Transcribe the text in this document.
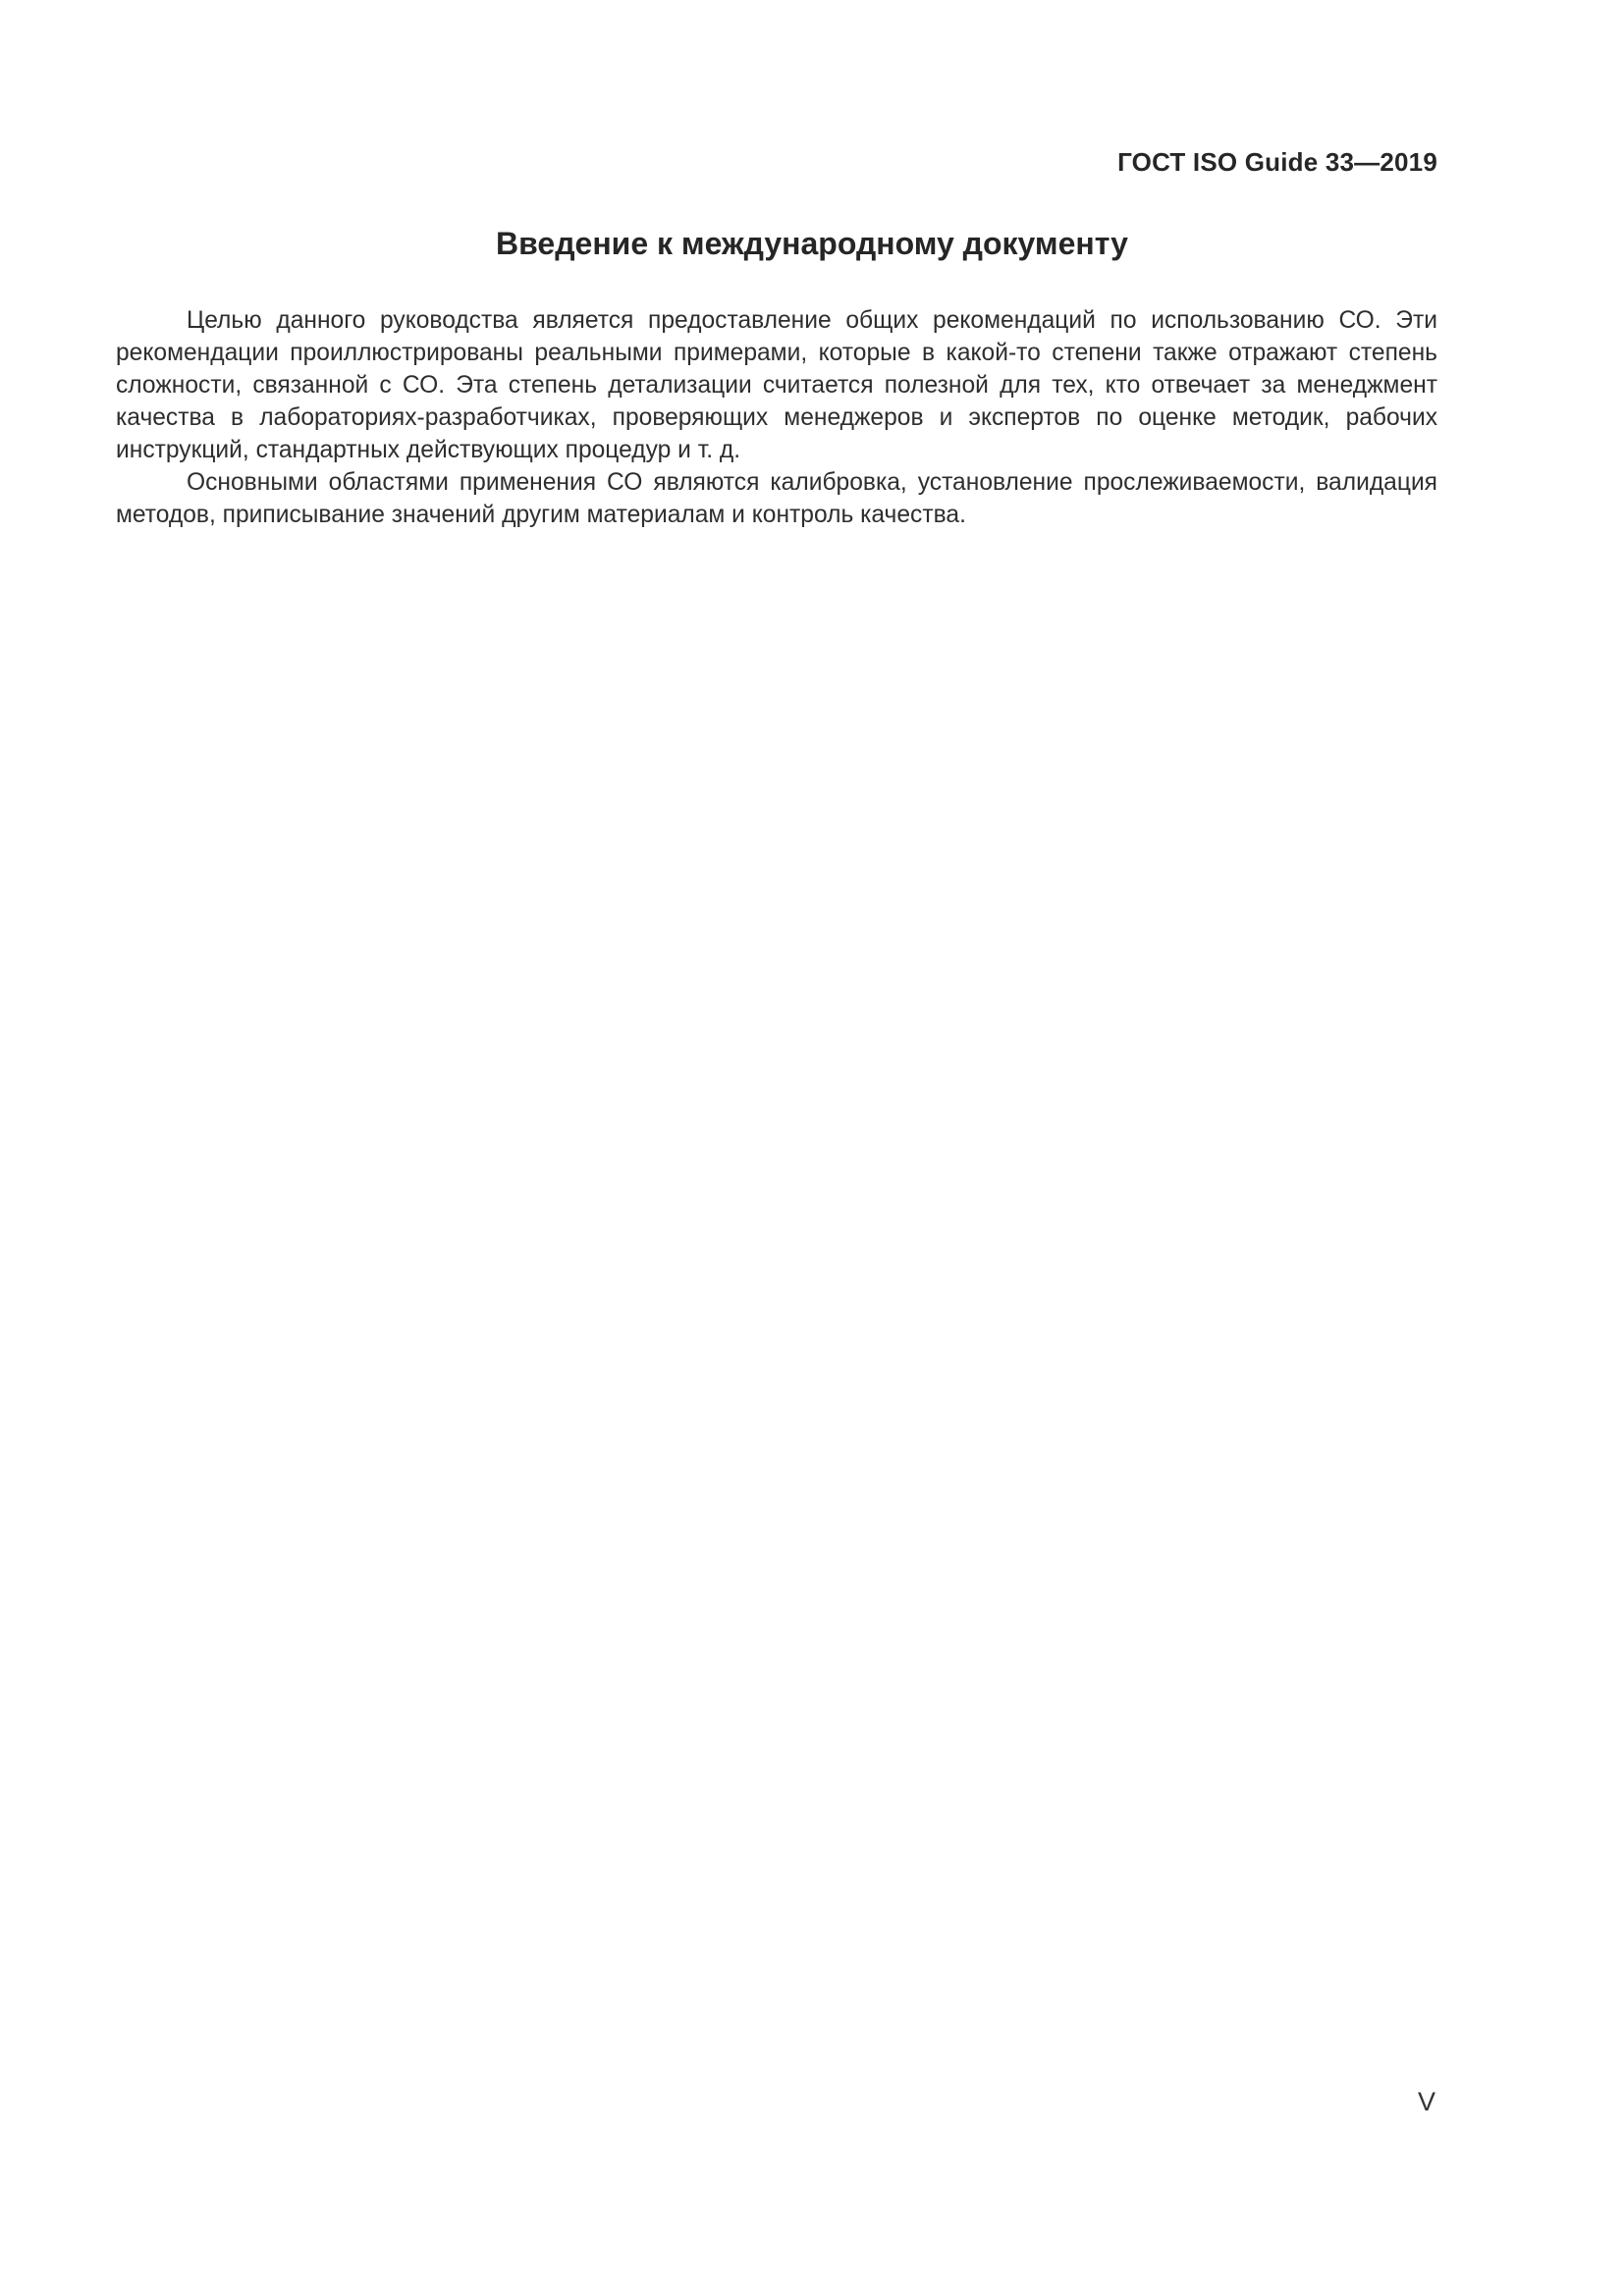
ГОСТ ISO Guide 33—2019
Введение к международному документу

Целью данного руководства является предоставление общих рекомендаций по использованию СО. Эти рекомендации проиллюстрированы реальными примерами, которые в какой-то степени также отражают степень сложности, связанной с СО. Эта степень детализации считается полезной для тех, кто отвечает за менеджмент качества в лабораториях-разработчиках, проверяющих менеджеров и экспертов по оценке методик, рабочих инструкций, стандартных действующих процедур и т. д.

Основными областями применения СО являются калибровка, установление прослеживаемости, валидация методов, приписывание значений другим материалам и контроль качества.

V
